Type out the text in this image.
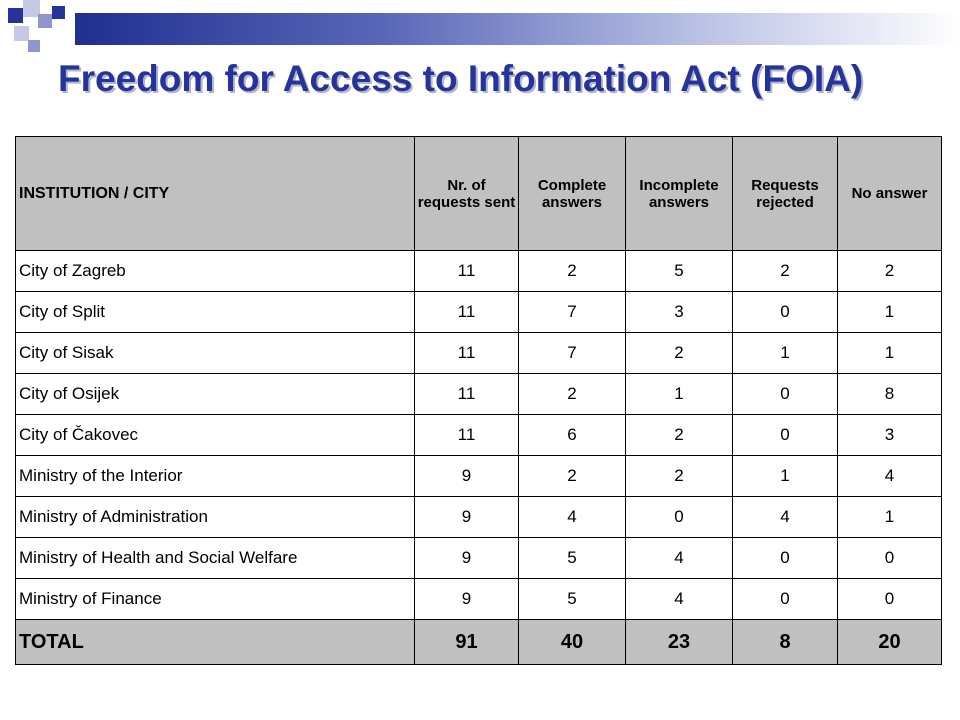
Freedom for Access to Information Act (FOIA)
INSTITUTION / CITY	Nr. of requests sent	Complete answers	Incomplete answers	Requests rejected	No answer
City of Zagreb	11	2	5	2	2
City of Split	11	7	3	0	1
City of Sisak	11	7	2	1	1
City of Osijek	11	2	1	0	8
City of Čakovec	11	6	2	0	3
Ministry of the Interior	9	2	2	1	4
Ministry of Administration	9	4	0	4	1
Ministry of Health and Social Welfare	9	5	4	0	0
Ministry of Finance	9	5	4	0	0
TOTAL	91	40	23	8	20
